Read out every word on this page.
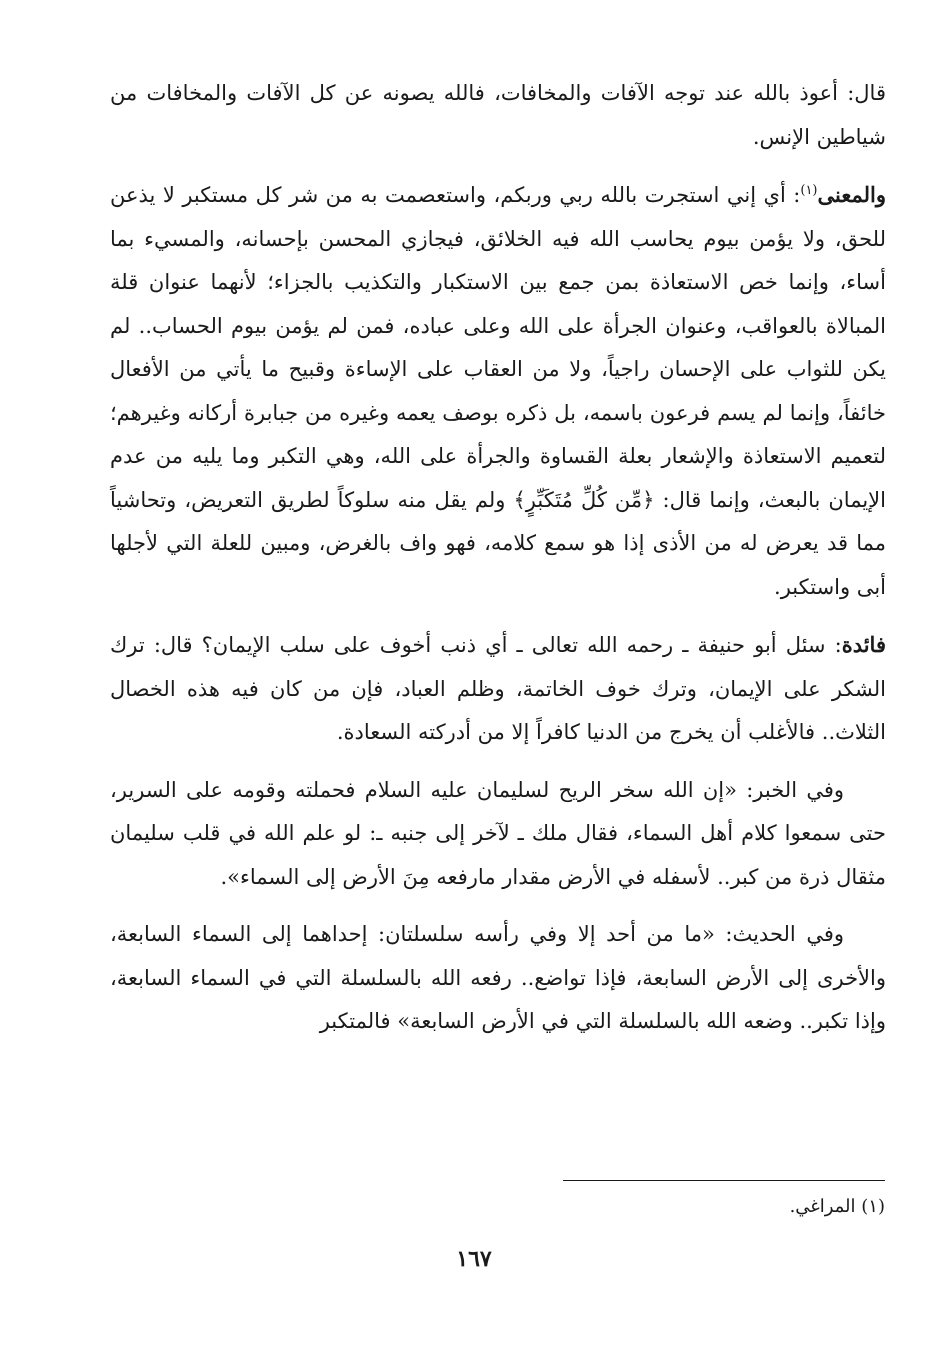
قال: أعوذ بالله عند توجه الآفات والمخافات، فالله يصونه عن كل الآفات والمخافات من شياطين الإنس.

والمعنى$^{(١)}$: أي إني استجرت بالله ربي وربكم، واستعصمت به من شر كل مستكبر لا يذعن للحق، ولا يؤمن بيوم يحاسب الله فيه الخلائق، فيجازي المحسن بإحسانه، والمسيء بما أساء، وإنما خص الاستعاذة بمن جمع بين الاستكبار والتكذيب بالجزاء؛ لأنهما عنوان قلة المبالاة بالعواقب، وعنوان الجرأة على الله وعلى عباده، فمن لم يؤمن بيوم الحساب.. لم يكن للثواب على الإحسان راجياً، ولا من العقاب على الإساءة وقبيح ما يأتي من الأفعال خائفاً، وإنما لم يسم فرعون باسمه، بل ذكره بوصف يعمه وغيره من جبابرة أركانه وغيرهم؛ لتعميم الاستعاذة والإشعار بعلة القساوة والجرأة على الله، وهي التكبر وما يليه من عدم الإيمان بالبعث، وإنما قال: ﴿مِّن كُلِّ مُتَكَبِّرٍ﴾ ولم يقل منه سلوكاً لطريق التعريض، وتحاشياً مما قد يعرض له من الأذى إذا هو سمع كلامه، فهو واف بالغرض، ومبين للعلة التي لأجلها أبى واستكبر.

فائدة: سئل أبو حنيفة ـ رحمه الله تعالى ـ أي ذنب أخوف على سلب الإيمان؟ قال: ترك الشكر على الإيمان، وترك خوف الخاتمة، وظلم العباد، فإن من كان فيه هذه الخصال الثلاث.. فالأغلب أن يخرج من الدنيا كافراً إلا من أدركته السعادة.

وفي الخبر: «إن الله سخر الريح لسليمان عليه السلام فحملته وقومه على السرير، حتى سمعوا كلام أهل السماء، فقال ملك ـ لآخر إلى جنبه ـ: لو علم الله في قلب سليمان مثقال ذرة من كبر.. لأسفله في الأرض مقدار مارفعه مِنَ الأرض إلى السماء».

وفي الحديث: «ما من أحد إلا وفي رأسه سلسلتان: إحداهما إلى السماء السابعة، والأخرى إلى الأرض السابعة، فإذا تواضع.. رفعه الله بالسلسلة التي في السماء السابعة، وإذا تكبر.. وضعه الله بالسلسلة التي في الأرض السابعة» فالمتكبر

(١) المراغي.
١٦٧
